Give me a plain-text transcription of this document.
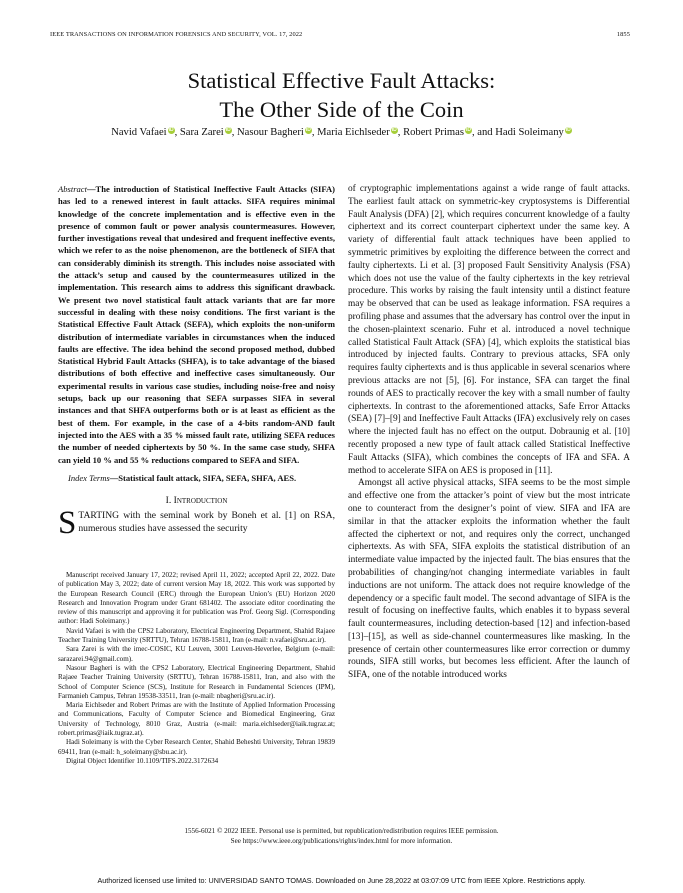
IEEE TRANSACTIONS ON INFORMATION FORENSICS AND SECURITY, VOL. 17, 2022	1855
Statistical Effective Fault Attacks:
The Other Side of the Coin
Navid Vafaei iD, Sara Zarei iD, Nasour Bagheri iD, Maria Eichlseder iD, Robert Primas iD, and Hadi Soleimany iD

Abstract—The introduction of Statistical Ineffective Fault Attacks (SIFA) has led to a renewed interest in fault attacks. SIFA requires minimal knowledge of the concrete implementation and is effective even in the presence of common fault or power analysis countermeasures. However, further investigations reveal that undesired and frequent ineffective events, which we refer to as the noise phenomenon, are the bottleneck of SIFA that can considerably diminish its strength. This includes noise associated with the attack’s setup and caused by the countermeasures utilized in the implementation. This research aims to address this significant drawback. We present two novel statistical fault attack variants that are far more successful in dealing with these noisy conditions. The first variant is the Statistical Effective Fault Attack (SEFA), which exploits the non-uniform distribution of intermediate variables in circumstances when the induced faults are effective. The idea behind the second proposed method, dubbed Statistical Hybrid Fault Attacks (SHFA), is to take advantage of the biased distributions of both effective and ineffective cases simultaneously. Our experimental results in various case studies, including noise-free and noisy setups, back up our reasoning that SEFA surpasses SIFA in several instances and that SHFA outperforms both or is at least as efficient as the best of them. For example, in the case of a 4-bits random-AND fault injected into the AES with a 35 % missed fault rate, utilizing SEFA reduces the number of needed ciphertexts by 50 %. In the same case study, SHFA can yield 10 % and 55 % reductions compared to SEFA and SIFA.

Index Terms—Statistical fault attack, SIFA, SEFA, SHFA, AES.

I. Introduction

STARTING with the seminal work by Boneh et al. [1] on RSA, numerous studies have assessed the security

Manuscript received January 17, 2022; revised April 11, 2022; accepted April 22, 2022. Date of publication May 3, 2022; date of current version May 18, 2022. This work was supported by the European Research Council (ERC) through the European Union’s (EU) Horizon 2020 Research and Innovation Program under Grant 681402. The associate editor coordinating the review of this manuscript and approving it for publication was Prof. Georg Sigl. (Corresponding author: Hadi Soleimany.)

Navid Vafaei is with the CPS2 Laboratory, Electrical Engineering Department, Shahid Rajaee Teacher Training University (SRTTU), Tehran 16788-15811, Iran (e-mail: n.vafaei@sru.ac.ir).

Sara Zarei is with the imec-COSIC, KU Leuven, 3001 Leuven-Heverlee, Belgium (e-mail: sarazarei.94@gmail.com).

Nasour Bagheri is with the CPS2 Laboratory, Electrical Engineering Department, Shahid Rajaee Teacher Training University (SRTTU), Tehran 16788-15811, Iran, and also with the School of Computer Science (SCS), Institute for Research in Fundamental Sciences (IPM), Farmanieh Campus, Tehran 19538-33511, Iran (e-mail: nbagheri@sru.ac.ir).

Maria Eichlseder and Robert Primas are with the Institute of Applied Information Processing and Communications, Faculty of Computer Science and Biomedical Engineering, Graz University of Technology, 8010 Graz, Austria (e-mail: maria.eichlseder@iaik.tugraz.at; robert.primas@iaik.tugraz.at).

Hadi Soleimany is with the Cyber Research Center, Shahid Beheshti University, Tehran 19839 69411, Iran (e-mail: h_soleimany@sbu.ac.ir).

Digital Object Identifier 10.1109/TIFS.2022.3172634

of cryptographic implementations against a wide range of fault attacks. The earliest fault attack on symmetric-key cryptosystems is Differential Fault Analysis (DFA) [2], which requires concurrent knowledge of a faulty ciphertext and its correct counterpart ciphertext under the same key. A variety of differential fault attack techniques have been applied to symmetric primitives by exploiting the difference between the correct and faulty ciphertexts. Li et al. [3] proposed Fault Sensitivity Analysis (FSA) which does not use the value of the faulty ciphertexts in the key retrieval procedure. This works by raising the fault intensity until a distinct feature may be observed that can be used as leakage information. FSA requires a profiling phase and assumes that the adversary has control over the input in the chosen-plaintext scenario. Fuhr et al. introduced a novel technique called Statistical Fault Attack (SFA) [4], which exploits the statistical bias introduced by injected faults. Contrary to previous attacks, SFA only requires faulty ciphertexts and is thus applicable in several scenarios where previous attacks are not [5], [6]. For instance, SFA can target the final rounds of AES to practically recover the key with a small number of faulty ciphertexts. In contrast to the aforementioned attacks, Safe Error Attacks (SEA) [7]–[9] and Ineffective Fault Attacks (IFA) exclusively rely on cases where the injected fault has no effect on the output. Dobraunig et al. [10] recently proposed a new type of fault attack called Statistical Ineffective Fault Attacks (SIFA), which combines the concepts of IFA and SFA. A method to accelerate SIFA on AES is proposed in [11].

Amongst all active physical attacks, SIFA seems to be the most simple and effective one from the attacker’s point of view but the most intricate one to counteract from the designer’s point of view. SIFA and IFA are similar in that the attacker exploits the information whether the fault affected the ciphertext or not, and requires only the correct, unchanged ciphertexts. As with SFA, SIFA exploits the statistical distribution of an intermediate value impacted by the injected fault. The bias ensures that the probabilities of changing/not changing intermediate variables in fault inductions are not uniform. The attack does not require knowledge of the dependency or a specific fault model. The second advantage of SIFA is the result of focusing on ineffective faults, which enables it to bypass several fault countermeasures, including detection-based [12] and infection-based [13]–[15], as well as side-channel countermeasures like masking. In the presence of certain other countermeasures like error correction or dummy rounds, SIFA still works, but becomes less efficient. After the launch of SIFA, one of the notable introduced works

1556-6021 © 2022 IEEE. Personal use is permitted, but republication/redistribution requires IEEE permission.
See https://www.ieee.org/publications/rights/index.html for more information.
Authorized licensed use limited to: UNIVERSIDAD SANTO TOMAS. Downloaded on June 28,2022 at 03:07:09 UTC from IEEE Xplore. Restrictions apply.
